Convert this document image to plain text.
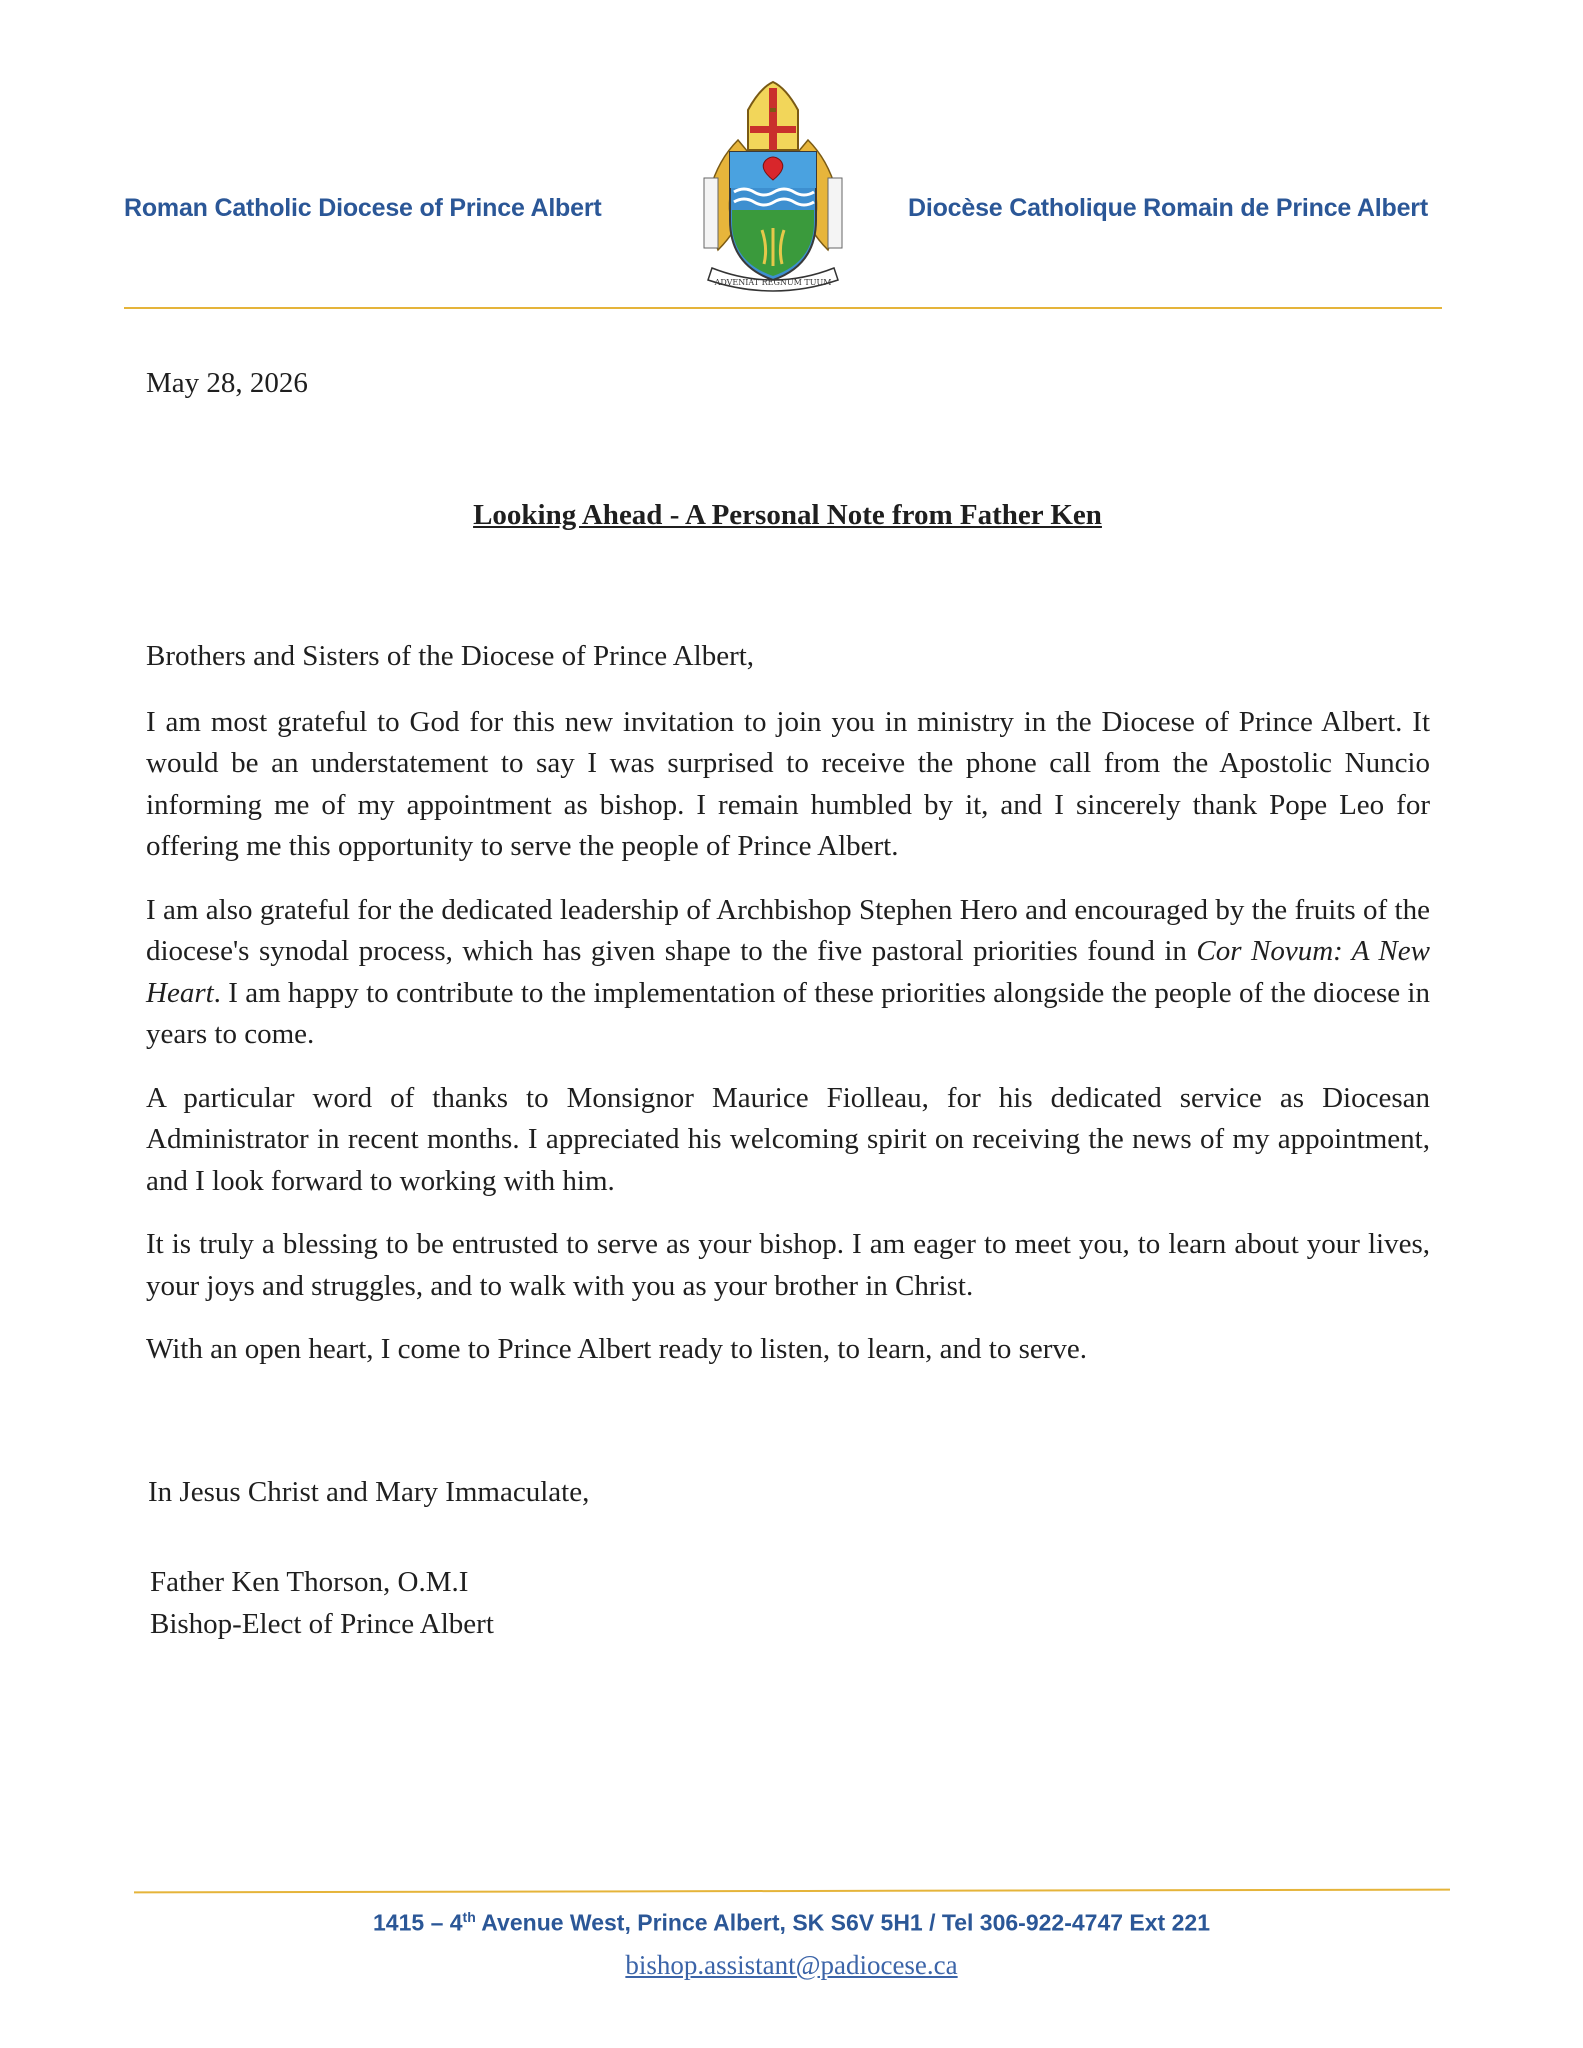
Roman Catholic Diocese of Prince Albert
ADVENIAT REGNUM TUUM
Diocèse Catholique Romain de Prince Albert
May 28, 2026
Looking Ahead - A Personal Note from Father Ken

Brothers and Sisters of the Diocese of Prince Albert,

I am most grateful to God for this new invitation to join you in ministry in the Diocese of Prince Albert. It would be an understatement to say I was surprised to receive the phone call from the Apostolic Nuncio informing me of my appointment as bishop. I remain humbled by it, and I sincerely thank Pope Leo for offering me this opportunity to serve the people of Prince Albert.

I am also grateful for the dedicated leadership of Archbishop Stephen Hero and encouraged by the fruits of the diocese's synodal process, which has given shape to the five pastoral priorities found in Cor Novum: A New Heart. I am happy to contribute to the implementation of these priorities alongside the people of the diocese in years to come.

A particular word of thanks to Monsignor Maurice Fiolleau, for his dedicated service as Diocesan Administrator in recent months. I appreciated his welcoming spirit on receiving the news of my appointment, and I look forward to working with him.

It is truly a blessing to be entrusted to serve as your bishop. I am eager to meet you, to learn about your lives, your joys and struggles, and to walk with you as your brother in Christ.

With an open heart, I come to Prince Albert ready to listen, to learn, and to serve.

In Jesus Christ and Mary Immaculate,
Father Ken Thorson, O.M.I
Bishop-Elect of Prince Albert
1415 – 4th Avenue West, Prince Albert, SK S6V 5H1 / Tel 306-922-4747 Ext 221
bishop.assistant@padiocese.ca
